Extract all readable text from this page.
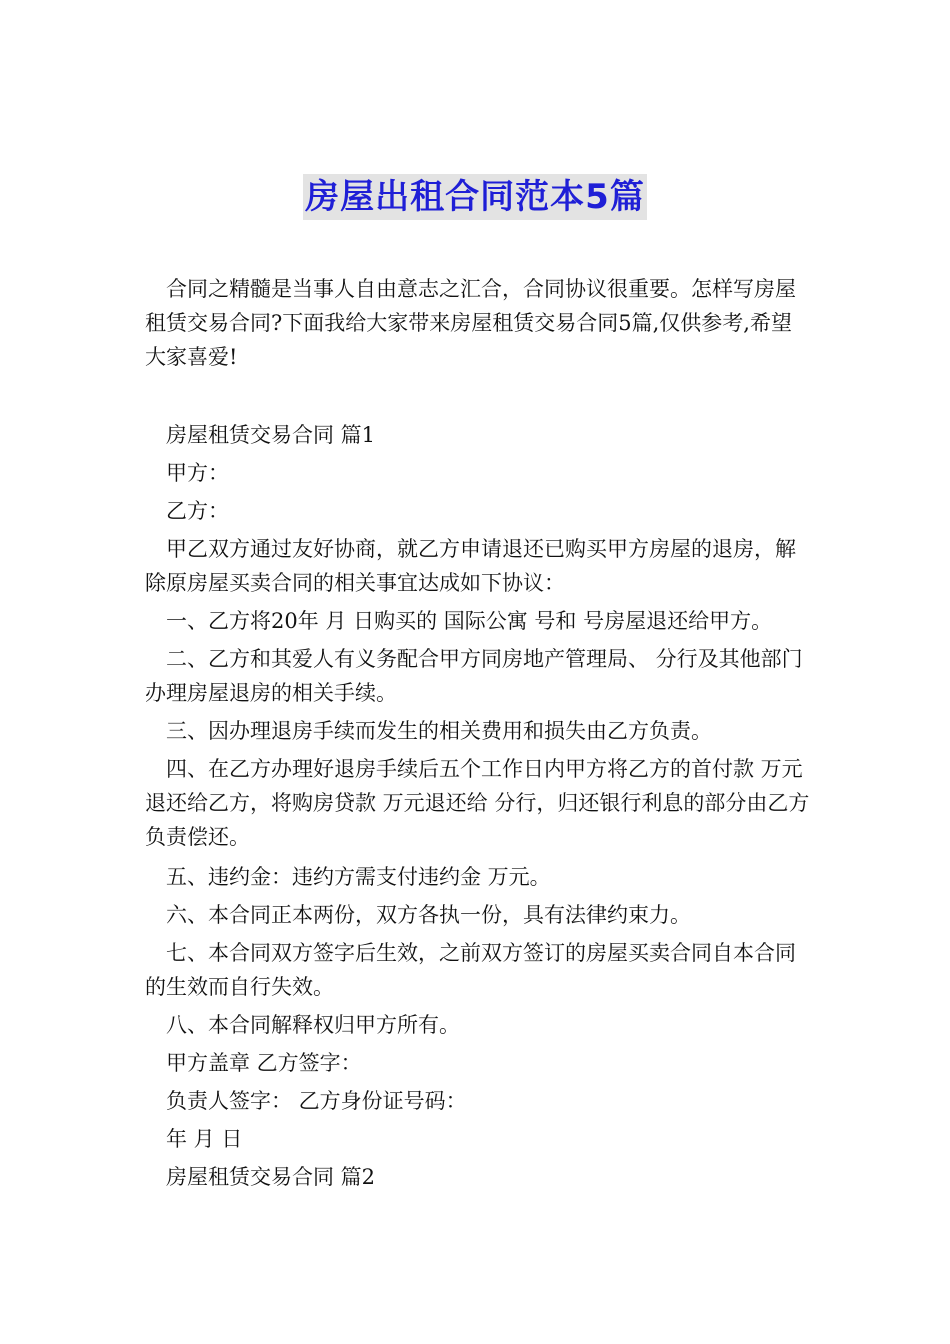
房屋出租合同范本5篇

合同之精髓是当事人自由意志之汇合，合同协议很重要。怎样写房屋租赁交易合同?下面我给大家带来房屋租赁交易合同5篇,仅供参考,希望大家喜爱!

房屋租赁交易合同 篇1
甲方：
乙方：
甲乙双方通过友好协商，就乙方申请退还已购买甲方房屋的退房，解除原房屋买卖合同的相关事宜达成如下协议：
一、乙方将20年 月 日购买的 国际公寓 号和 号房屋退还给甲方。
二、乙方和其爱人有义务配合甲方同房地产管理局、 分行及其他部门办理房屋退房的相关手续。
三、因办理退房手续而发生的相关费用和损失由乙方负责。
四、在乙方办理好退房手续后五个工作日内甲方将乙方的首付款 万元退还给乙方，将购房贷款 万元退还给 分行，归还银行利息的部分由乙方负责偿还。
五、违约金：违约方需支付违约金 万元。
六、本合同正本两份，双方各执一份，具有法律约束力。
七、本合同双方签字后生效，之前双方签订的房屋买卖合同自本合同的生效而自行失效。
八、本合同解释权归甲方所有。
甲方盖章 乙方签字：
负责人签字： 乙方身份证号码：
年 月 日
房屋租赁交易合同 篇2
